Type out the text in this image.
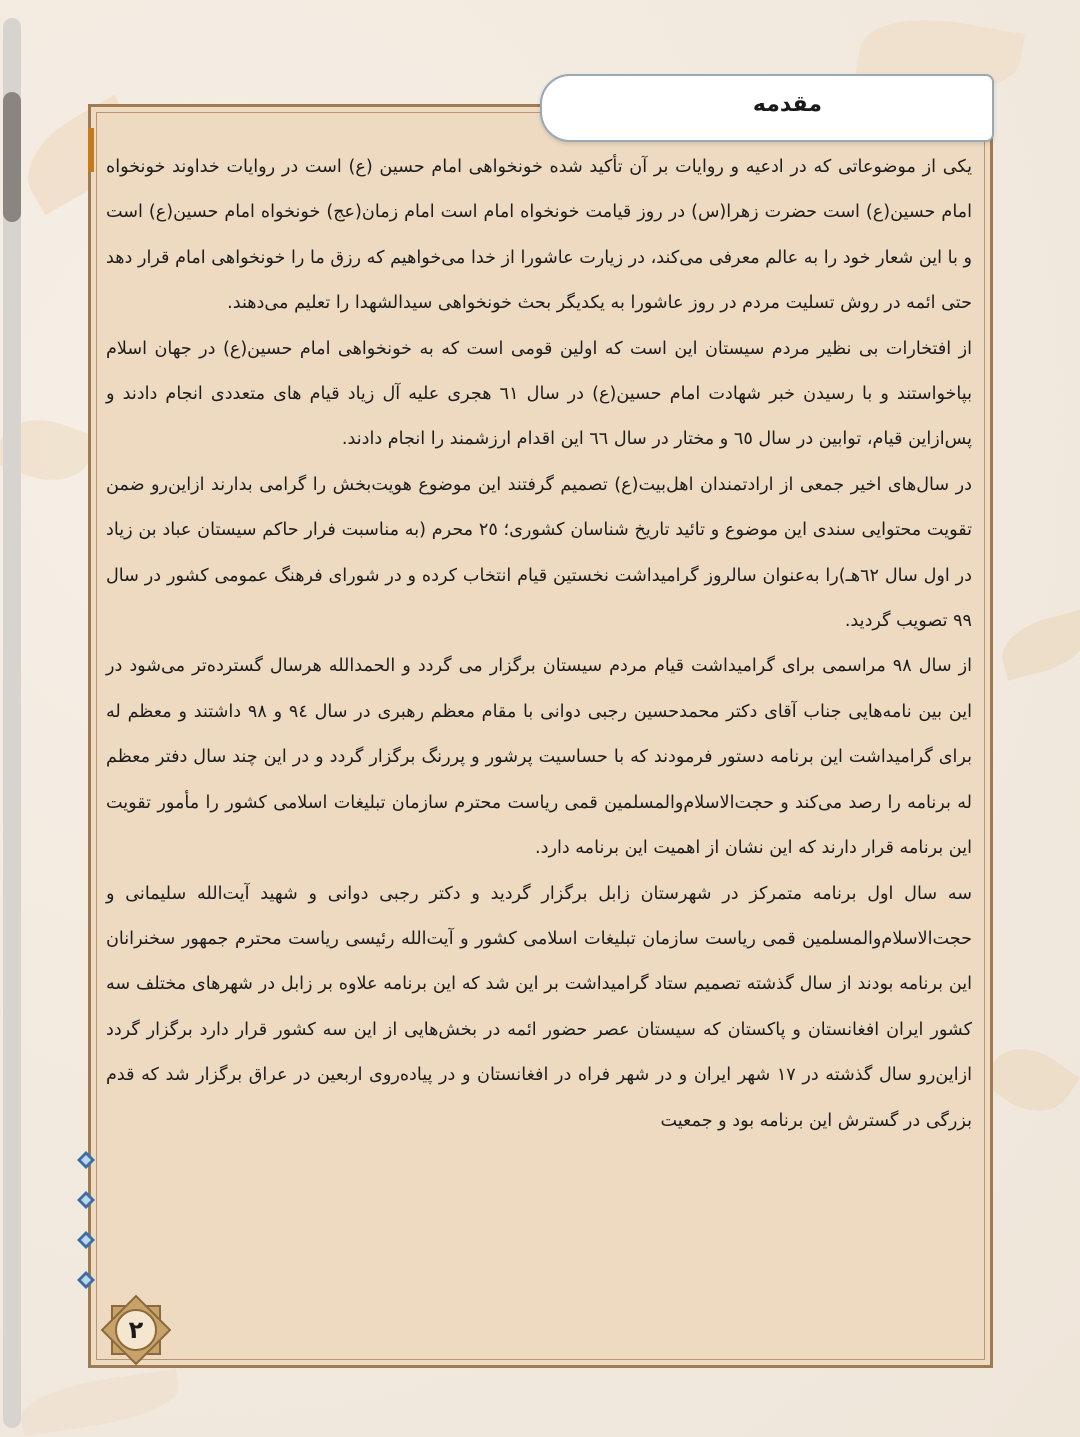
مقدمه

یکی از موضوعاتی که در ادعیه و روایات بر آن تأکید شده خونخواهی امام حسین (ع) است در روایات خداوند خونخواه امام حسین(ع) است حضرت زهرا(س) در روز قیامت خونخواه امام است امام زمان(عج) خونخواه امام حسین(ع) است و با این شعار خود را به عالم معرفی می‌کند، در زیارت عاشورا از خدا می‌خواهیم که رزق ما را خونخواهی امام قرار دهد حتی ائمه در روش تسلیت مردم در روز عاشورا به یکدیگر بحث خونخواهی سیدالشهدا را تعلیم می‌دهند.

از افتخارات بی نظیر مردم سیستان این است که اولین قومی است که به خونخواهی امام حسین(ع) در جهان اسلام بپاخواستند و با رسیدن خبر شهادت امام حسین(ع) در سال ٦١ هجری علیه آل زیاد قیام های متعددی انجام دادند و پس‌ازاین قیام، توابین در سال ٦٥ و مختار در سال ٦٦ این اقدام ارزشمند را انجام دادند.

در سال‌های اخیر جمعی از ارادتمندان اهل‌بیت(ع) تصمیم گرفتند این موضوع هویت‌بخش را گرامی بدارند ازاین‌رو ضمن تقویت محتوایی سندی این موضوع و تائید تاریخ شناسان کشوری؛ ٢٥ محرم (به مناسبت فرار حاکم سیستان عباد بن زیاد در اول سال ٦٢هـ)را به‌عنوان سالروز گرامیداشت نخستین قیام انتخاب کرده و در شورای فرهنگ عمومی کشور در سال ٩٩ تصویب گردید.

از سال ٩٨ مراسمی برای گرامیداشت قیام مردم سیستان برگزار می گردد و الحمدالله هرسال گسترده‌تر می‌شود در این بین نامه‌هایی جناب آقای دکتر محمدحسین رجبی دوانی با مقام معظم رهبری در سال ٩٤ و ٩٨ داشتند و معظم له برای گرامیداشت این برنامه دستور فرمودند که با حساسیت پرشور و پررنگ برگزار گردد و در این چند سال دفتر معظم له برنامه را رصد می‌کند و حجت‌الاسلام‌والمسلمین قمی ریاست محترم سازمان تبلیغات اسلامی کشور را مأمور تقویت این برنامه قرار دارند که این نشان از اهمیت این برنامه دارد.

سه سال اول برنامه متمرکز در شهرستان زابل برگزار گردید و دکتر رجبی دوانی و شهید آیت‌الله سلیمانی و حجت‌الاسلام‌والمسلمین قمی ریاست سازمان تبلیغات اسلامی کشور و آیت‌الله رئیسی ریاست محترم جمهور سخنرانان این برنامه بودند از سال گذشته تصمیم ستاد گرامیداشت بر این شد که این برنامه علاوه بر زابل در شهرهای مختلف سه کشور ایران افغانستان و پاکستان که سیستان عصر حضور ائمه در بخش‌هایی از این سه کشور قرار دارد برگزار گردد ازاین‌رو سال گذشته در ١٧ شهر ایران و در شهر فراه در افغانستان و در پیاده‌روی اربعین در عراق برگزار شد که قدم بزرگی در گسترش این برنامه بود و جمعیت

۲
